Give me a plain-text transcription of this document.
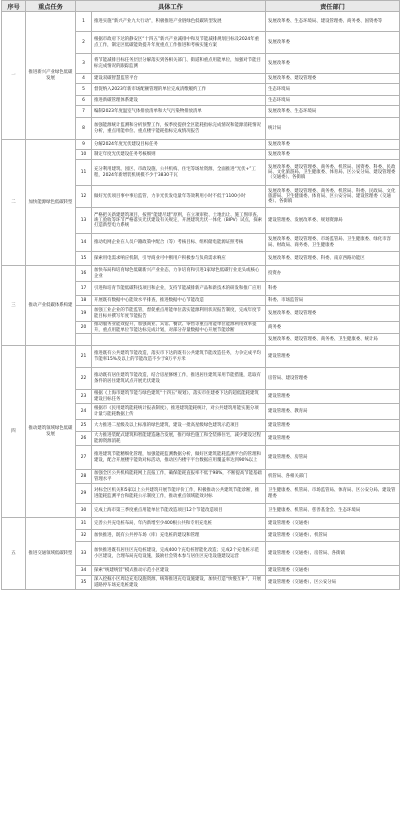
序号	重点任务	具体工作		责任部门
一	推进新兴产业绿色低碳发展	1	推进实施“新兴产业九大行动”，积极推进产业链绿色低碳转型发展	发展改革委、生态环境局、建设管理委、商务委、国资委等
		2	根据市政府下达的静安区“十四五”新兴产业减排中和及节能减排规划目标及2024年重点工作，制定区低碳能效提升年度重点工作推进和考核实施方案	发展改革委
		3	将节能减排目标任务层层分解落实到各相关部门、街道和重点用能单位，加强对节能目标完成情况的跟踪监测	发展改革委
		4	建设双碳智慧监管平台	发展改革委、建设管理委
		5	督促纳入2023年新市场配额管理的单位完成清缴履约工作	生态环境局
		6	推进新碳管理体系建设	生态环境局
		7	编制2023年度温室气体排放清单和大气污染物排放清单	发展改革委、生态环境局
		8	加强能源统计监测和分析预警工作，按季度提供全区能耗指标完成情况和能源消耗情况分析，重点用能单位、重点楼宇能耗指标完成情况报告	统计局
二	加快能源绿色低碳转型	9	分解2024年度光伏建设目标任务	发展改革委
		10	制定年度光伏建设任务考核细则	发展改革委
		11	充分利用建筑、园区、市政设施、公共机构、住宅等场址资源，全面推进“光伏+”工程，2024年新增装机规模不少于3830千瓦	发展改革委、建设管理委、商务委、机管局、国资委、科委、民政局、文化旅游局、卫生健康委、体育局、区公安分局、建设管理委（交通委）、各街镇
		12	做好光伏项目事中事后监管，力争光伏发电量年等效利用小时不低于1100小时	发展改革委、建设管理委、商务委、机管局、科委、民政局、文化旅游局、卫生健康委、体育局、区公安分局、建设管理委（交通委）、各街镇
		13	严格把关新建建筑项目，按照“能建尽建”原则，在立项审批、土地出让、施工图审查、竣工验收等环节严格落实光伏建设有关规定，开展建筑光伏一体化（BIPV）试点，探索打造新型电力系统	建设管理委、发展改革委、规划资源局
		14	推动电网企业在人员户籍政策中配合（等）考核目标、组织储电能源证照考核	发展改革委、建设管理委、市场监管局、卫生健康委、绿化市容局、财政局、商务委、卫生健康委
		15	探索用电需求响应机制，引导商业可中断用户积极参与负荷需求响应	发展改革委、建设管理委、科委、南京西路功能区
三	推动产业低碳体系构建	16	加快布局和培育绿色低碳新兴产业业态，力争培育和引进1家绿色低碳行业龙头或核心企业	投资办
		17	引进和培育节能低碳科技项目和企业，支持节能减排新产品和新技术的研发和推广应用	科委
		18	开展既有数据中心能效水平排查，推进数据中心节能改造	科委、市场监管局
		19	加强工业企业的节能监管，督促重点用能单位落实能源利用状况报告制度，完成年度节能目标并撰写年度节能报告	发展改革委、建设管理委
		20	推动服务业能效提升，加强商业、宾馆、餐饮、零售等重点用能单位能源利用效率提升，重点用能单位节能达标完成计划，对部分存量数据中心开展节能诊断	商务委
				发展改革委、建设管理委、商务委、卫生健康委、统计局
四	推动建筑领域绿色低碳发展	21	推进既有公共建筑节能改造，落实市下达的既有公共建筑节能改造任务，力争完成平均节能率15%及以上的节能改造不少于8万平方米	建设管理委
		22	推动既有居住建筑节能改造，结合房屋修缮工作，推进居住建筑采用节能措施，选取有条件的居住建筑试点开展光伏建设	房管局、建设管理委
		23	根据《上海市建筑节能与绿色建筑“十四五”规划》，落实市住建委下达的超低能耗建筑建设目标任务	建设管理委
		24	根据市《民用建筑能耗统计报表制度》，推进建筑能耗统计，对公共建筑用能实施分项计量与能耗数据上传	建设管理委、教育局
		25	大力推进二星级及以上标准的绿色建筑，建设一批高星级绿色建筑示范项目	建设管理委
		26	大力推进装配式建筑和智能建造融合发展，推行绿色施工和全装修住宅，减少建设过程能源资源消耗	建设管理委
		27	推进建筑节能精细化管理，加强能耗监测数据分析，做好区建筑能耗监测平台的管理和建设，配合开展楼宇能效对标活动，推动区内楼宇平台数据应用覆盖率达到90%以上	建设管理委、房管局
		28	加强全区公共机构能耗网上直报工作，确保能耗直报率不低于98%，不断提高节能基础管理水平	机管局、各相关部门
		29	对标全区机关和5家以上公共建筑开展节能评价工作，积极推动公共建筑节能诊断，推进能耗监测平台和能耗公示制度工作，推动重点领域能效对标	卫生健康委、机管局、市场监管局、体育局、区公安分局、建设管理委
		30	完成上海市第三季度重点用能单位节能改造项目12个节能改造项目	卫生健康委、机管局、慈善基金会、生态环境局
五	推进交通领域低碳转型	31	完善公共充电桩布局，年内新增至少400根公共和专用充电桩	建设管理委（交通委）
		32	加快推进，既有公共停车场（库）充电桩的建设和管理	建设管理委（交通委）、机管局
		33	加快推进既有居住区充电桩建设，完成400个充电桩智能化改造；完成2个充电桩示范小区建设，合理布局充电设施，鼓励社会资本参与居住区充电设施建设运营	建设管理委（交通委）、房管局、各街镇
		34	探索“统建统营”模式推动示范小区建设	建设管理委（交通委）
		35	深入挖掘小区周边充电设施资源，统筹推进充电设施建设，加快打造“快慢互补”，开展道路停车场充电桩建设	建设管理委（交通委）、区公安分局
